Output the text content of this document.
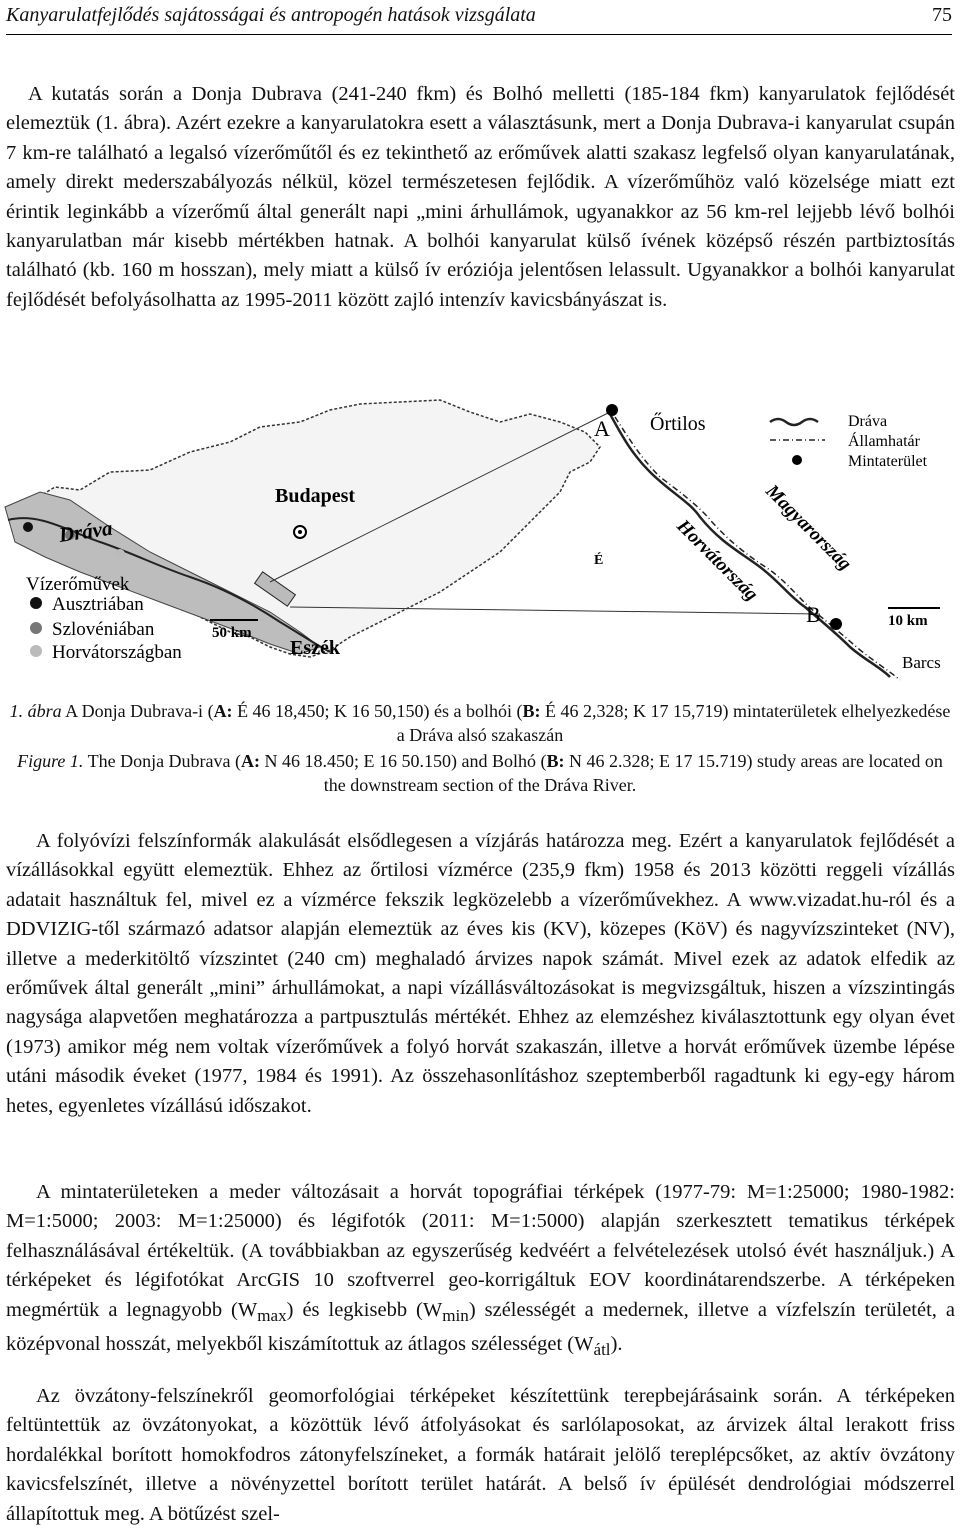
Kanyarulatfejlődés sajátosságai és antropogén hatások vizsgálata	75

A kutatás során a Donja Dubrava (241-240 fkm) és Bolhó melletti (185-184 fkm) kanyarulatok fejlődését elemeztük (1. ábra). Azért ezekre a kanyarulatokra esett a választásunk, mert a Donja Dubrava-i kanyarulat csupán 7 km-re található a legalsó vízerőműtől és ez tekinthető az erőművek alatti szakasz legfelső olyan kanyarulatának, amely direkt mederszabályozás nélkül, közel természetesen fejlődik. A vízerőműhöz való közelsége miatt ezt érintik leginkább a vízerőmű által generált napi „mini árhullámok, ugyanakkor az 56 km-rel lejjebb lévő bolhói kanyarulatban már kisebb mértékben hatnak. A bolhói kanyarulat külső ívének középső részén partbiztosítás található (kb. 160 m hosszan), mely miatt a külső ív eróziója jelentősen lelassult. Ugyanakkor a bolhói kanyarulat fejlődését befolyásolhatta az 1995-2011 között zajló intenzív kavicsbányászat is.

Budapest
Dráva
Vízerőművek
Ausztriában
Szlovéniában
Horvátországban
50 km
Eszék
A Őrtilos
É	Magyarország
Horvátország
B	10 km
Barcs
Dráva
Államhatár
Mintaterület

1. ábra A Donja Dubrava-i (A: É 46 18,450; K 16 50,150) és a bolhói (B: É 46 2,328; K 17 15,719) mintaterületek elhelyezkedése a Dráva alsó szakaszán

Figure 1. The Donja Dubrava (A: N 46 18.450; E 16 50.150) and Bolhó (B: N 46 2.328; E 17 15.719) study areas are located on the downstream section of the Dráva River.

A folyóvízi felszínformák alakulását elsődlegesen a vízjárás határozza meg. Ezért a kanyarulatok fejlődését a vízállásokkal együtt elemeztük. Ehhez az őrtilosi vízmérce (235,9 fkm) 1958 és 2013 közötti reggeli vízállás adatait használtuk fel, mivel ez a vízmérce fekszik legközelebb a vízerőművekhez. A www.vizadat.hu-ról és a DDVIZIG-től származó adatsor alapján elemeztük az éves kis (KV), közepes (KöV) és nagyvízszinteket (NV), illetve a mederkitöltő vízszintet (240 cm) meghaladó árvizes napok számát. Mivel ezek az adatok elfedik az erőművek által generált „mini” árhullámokat, a napi vízállásváltozásokat is megvizsgáltuk, hiszen a vízszintingás nagysága alapvetően meghatározza a partpusztulás mértékét. Ehhez az elemzéshez kiválasztottunk egy olyan évet (1973) amikor még nem voltak vízerőművek a folyó horvát szakaszán, illetve a horvát erőművek üzembe lépése utáni második éveket (1977, 1984 és 1991). Az összehasonlításhoz szeptemberből ragadtunk ki egy-egy három hetes, egyenletes vízállású időszakot.

A mintaterületeken a meder változásait a horvát topográfiai térképek (1977-79: M=1:25000; 1980-1982: M=1:5000; 2003: M=1:25000) és légifotók (2011: M=1:5000) alapján szerkesztett tematikus térképek felhasználásával értékeltük. (A továbbiakban az egyszerűség kedvéért a felvételezések utolsó évét használjuk.) A térképeket és légifotókat ArcGIS 10 szoftverrel geo-korrigáltuk EOV koordinátarendszerbe. A térképeken megmértük a legnagyobb $(W_{max})$ és legkisebb $(W_{min})$ szélességét a medernek, illetve a vízfelszín területét, a középvonal hosszát, melyekből kiszámítottuk az átlagos szélességet $(W_{átl})$.

Az övzátony-felszínekről geomorfológiai térképeket készítettünk terepbejárásaink során. A térképeken feltüntettük az övzátonyokat, a közöttük lévő átfolyásokat és sarlólaposokat, az árvizek által lerakott friss hordalékkal borított homokfodros zátonyfelszíneket, a formák határait jelölő tereplépcsőket, az aktív övzátony kavicsfelszínét, illetve a növényzettel borított terület határát. A belső ív épülését dendrológiai módszerrel állapítottuk meg. A bötűzést szel-
